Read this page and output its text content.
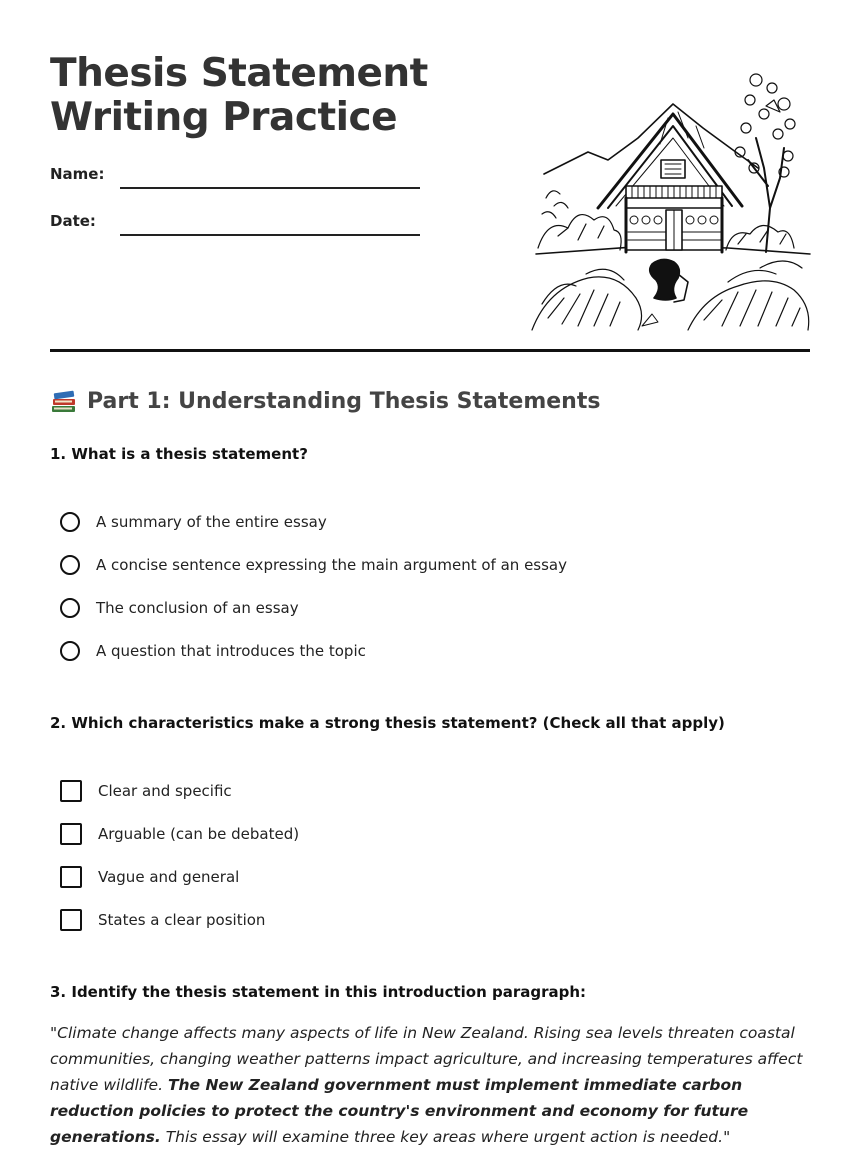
Thesis Statement
Writing Practice
Name:
Date:
Part 1: Understanding Thesis Statements

1. What is a thesis statement?

A summary of the entire essay
A concise sentence expressing the main argument of an essay
The conclusion of an essay
A question that introduces the topic

2. Which characteristics make a strong thesis statement? (Check all that apply)

Clear and specific
Arguable (can be debated)
Vague and general
States a clear position

3. Identify the thesis statement in this introduction paragraph:

"Climate change affects many aspects of life in New Zealand. Rising sea levels threaten coastal communities, changing weather patterns impact agriculture, and increasing temperatures affect native wildlife. The New Zealand government must implement immediate carbon reduction policies to protect the country's environment and economy for future generations. This essay will examine three key areas where urgent action is needed."
